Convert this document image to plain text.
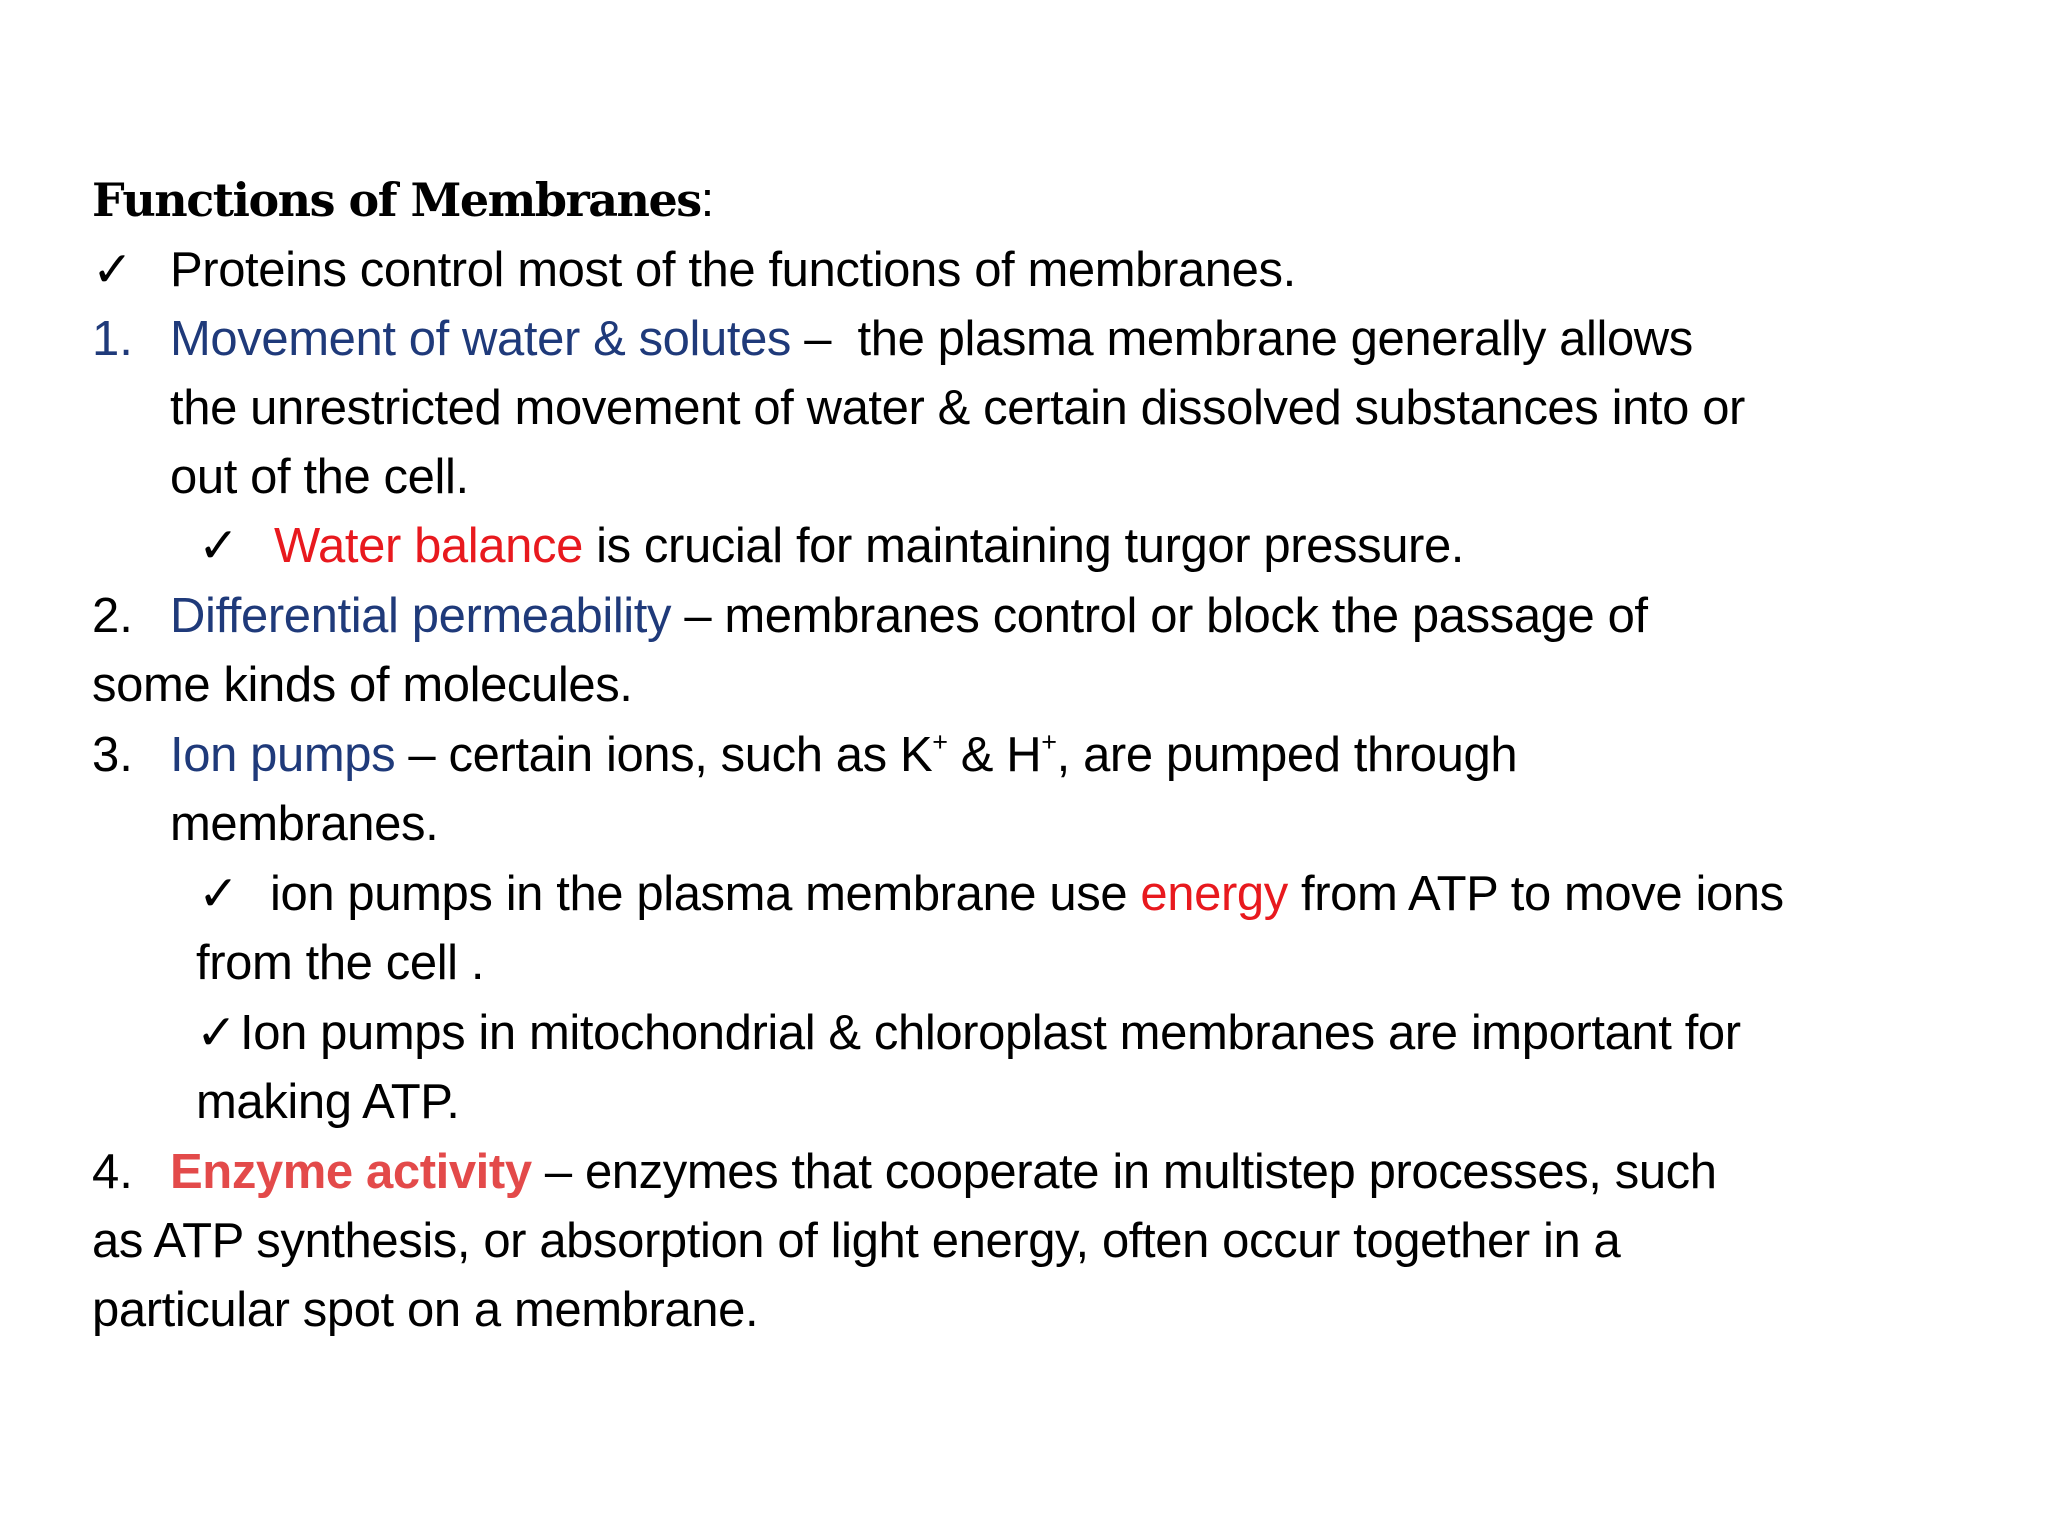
Functions of Membranes:
✓ Proteins control most of the functions of membranes.
1. Movement of water & solutes –  the plasma membrane generally allows
the unrestricted movement of water & certain dissolved substances into or
out of the cell.
✓ Water balance is crucial for maintaining turgor pressure.
2. Differential permeability – membranes control or block the passage of
some kinds of molecules.
3. Ion pumps – certain ions, such as K+ & H+, are pumped through
membranes.
✓ ion pumps in the plasma membrane use energy from ATP to move ions
from the cell .
✓ Ion pumps in mitochondrial & chloroplast membranes are important for
making ATP.
4. Enzyme activity – enzymes that cooperate in multistep processes, such
as ATP synthesis, or absorption of light energy, often occur together in a
particular spot on a membrane.
